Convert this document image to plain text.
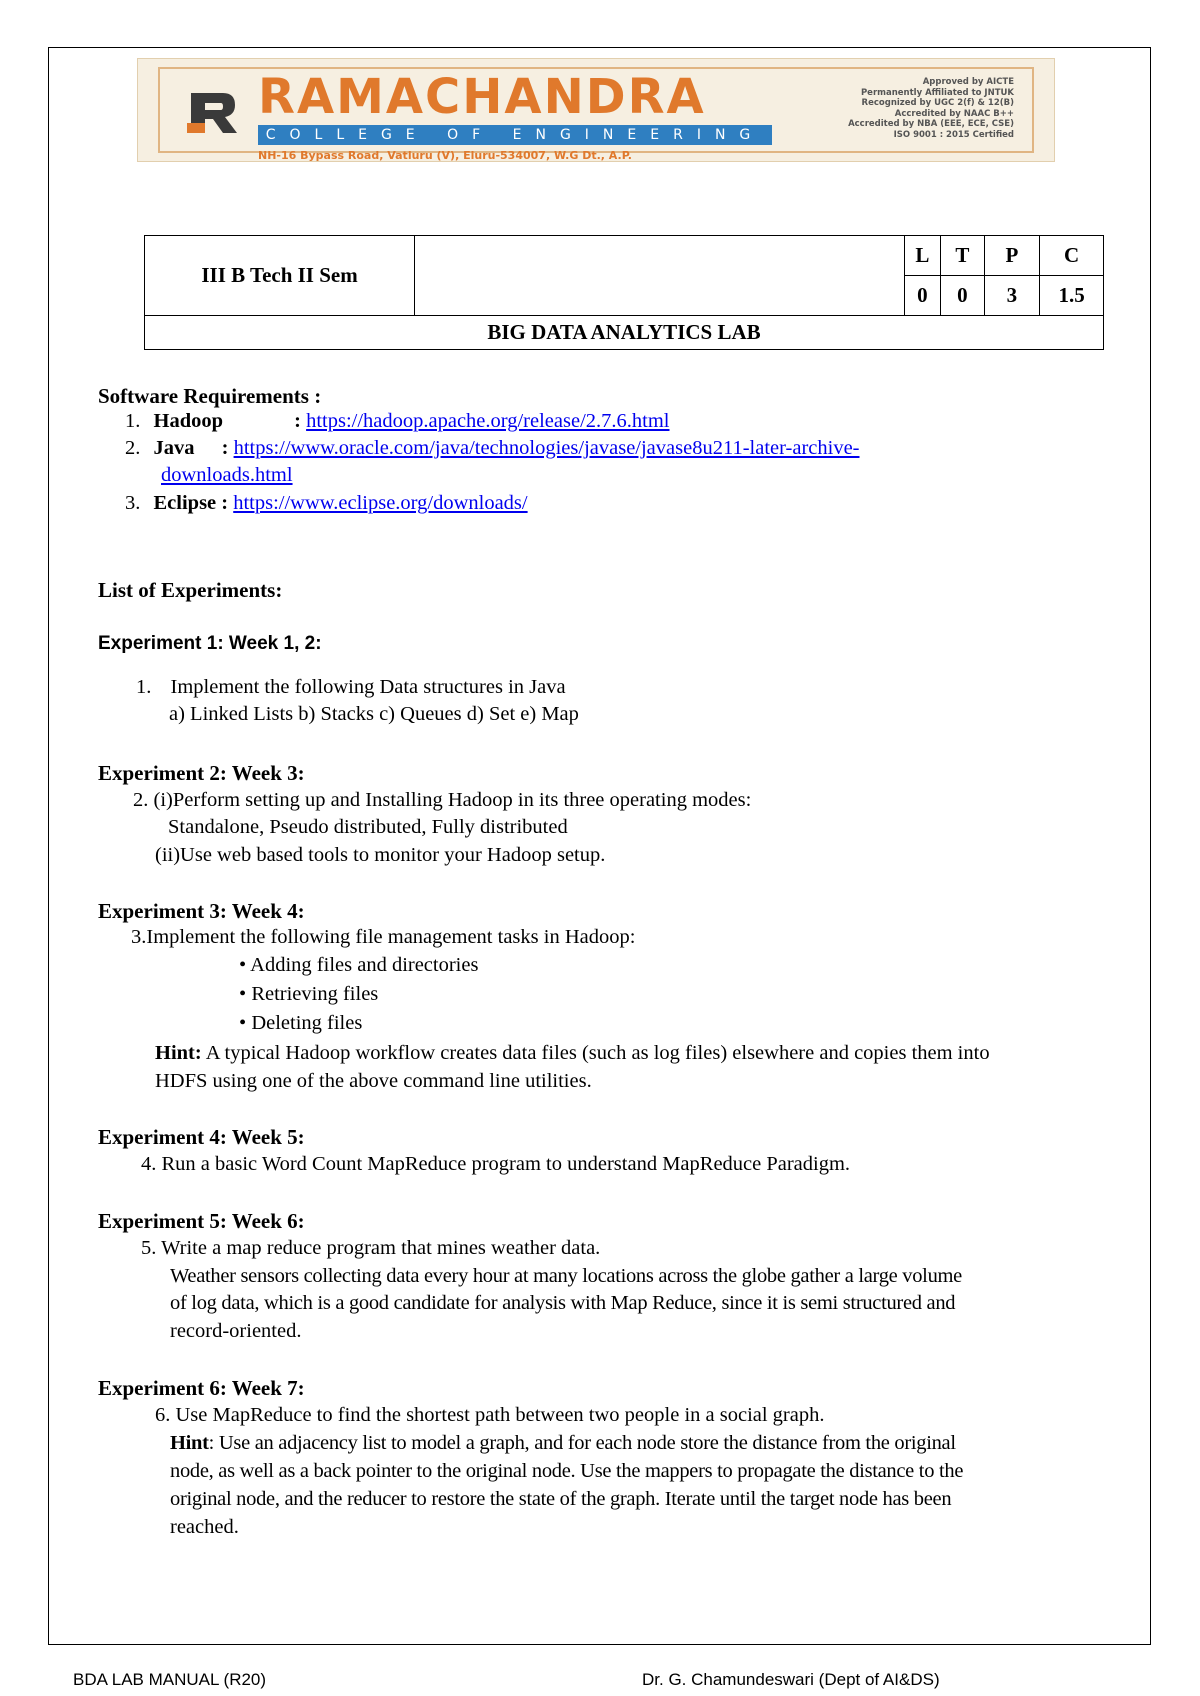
RAMACHANDRA
COLLEGE OF ENGINEERING
NH-16 Bypass Road, Vatluru (V), Eluru-534007, W.G Dt., A.P.
Approved by AICTE
Permanently Affiliated to JNTUK
Recognized by UGC 2(f) & 12(B)
Accredited by NAAC B++
Accredited by NBA (EEE, ECE, CSE)
ISO 9001 : 2015 Certified
III B Tech II Sem		L	T	P	C
		0	0	3	1.5
BIG DATA ANALYTICS LAB					
Software Requirements :
1. Hadoop	: https://hadoop.apache.org/release/2.7.6.html
2. Java : https://www.oracle.com/java/technologies/javase/javase8u211-later-archive-
downloads.html
3. Eclipse : https://www.eclipse.org/downloads/
List of Experiments:
Experiment 1: Week 1, 2:
1. Implement the following Data structures in Java
a) Linked Lists b) Stacks c) Queues d) Set e) Map
Experiment 2: Week 3:
2. (i)Perform setting up and Installing Hadoop in its three operating modes:
Standalone, Pseudo distributed, Fully distributed
(ii)Use web based tools to monitor your Hadoop setup.
Experiment 3: Week 4:
3.Implement the following file management tasks in Hadoop:
• Adding files and directories
• Retrieving files
• Deleting files
Hint: A typical Hadoop workflow creates data files (such as log files) elsewhere and copies them into
HDFS using one of the above command line utilities.
Experiment 4: Week 5:
4. Run a basic Word Count MapReduce program to understand MapReduce Paradigm.
Experiment 5: Week 6:
5. Write a map reduce program that mines weather data.
Weather sensors collecting data every hour at many locations across the globe gather a large volume
of log data, which is a good candidate for analysis with Map Reduce, since it is semi structured and
record-oriented.
Experiment 6: Week 7:
6. Use MapReduce to find the shortest path between two people in a social graph.
Hint: Use an adjacency list to model a graph, and for each node store the distance from the original
node, as well as a back pointer to the original node. Use the mappers to propagate the distance to the
original node, and the reducer to restore the state of the graph. Iterate until the target node has been
reached.
BDA LAB MANUAL (R20)	Dr. G. Chamundeswari (Dept of AI&DS)
